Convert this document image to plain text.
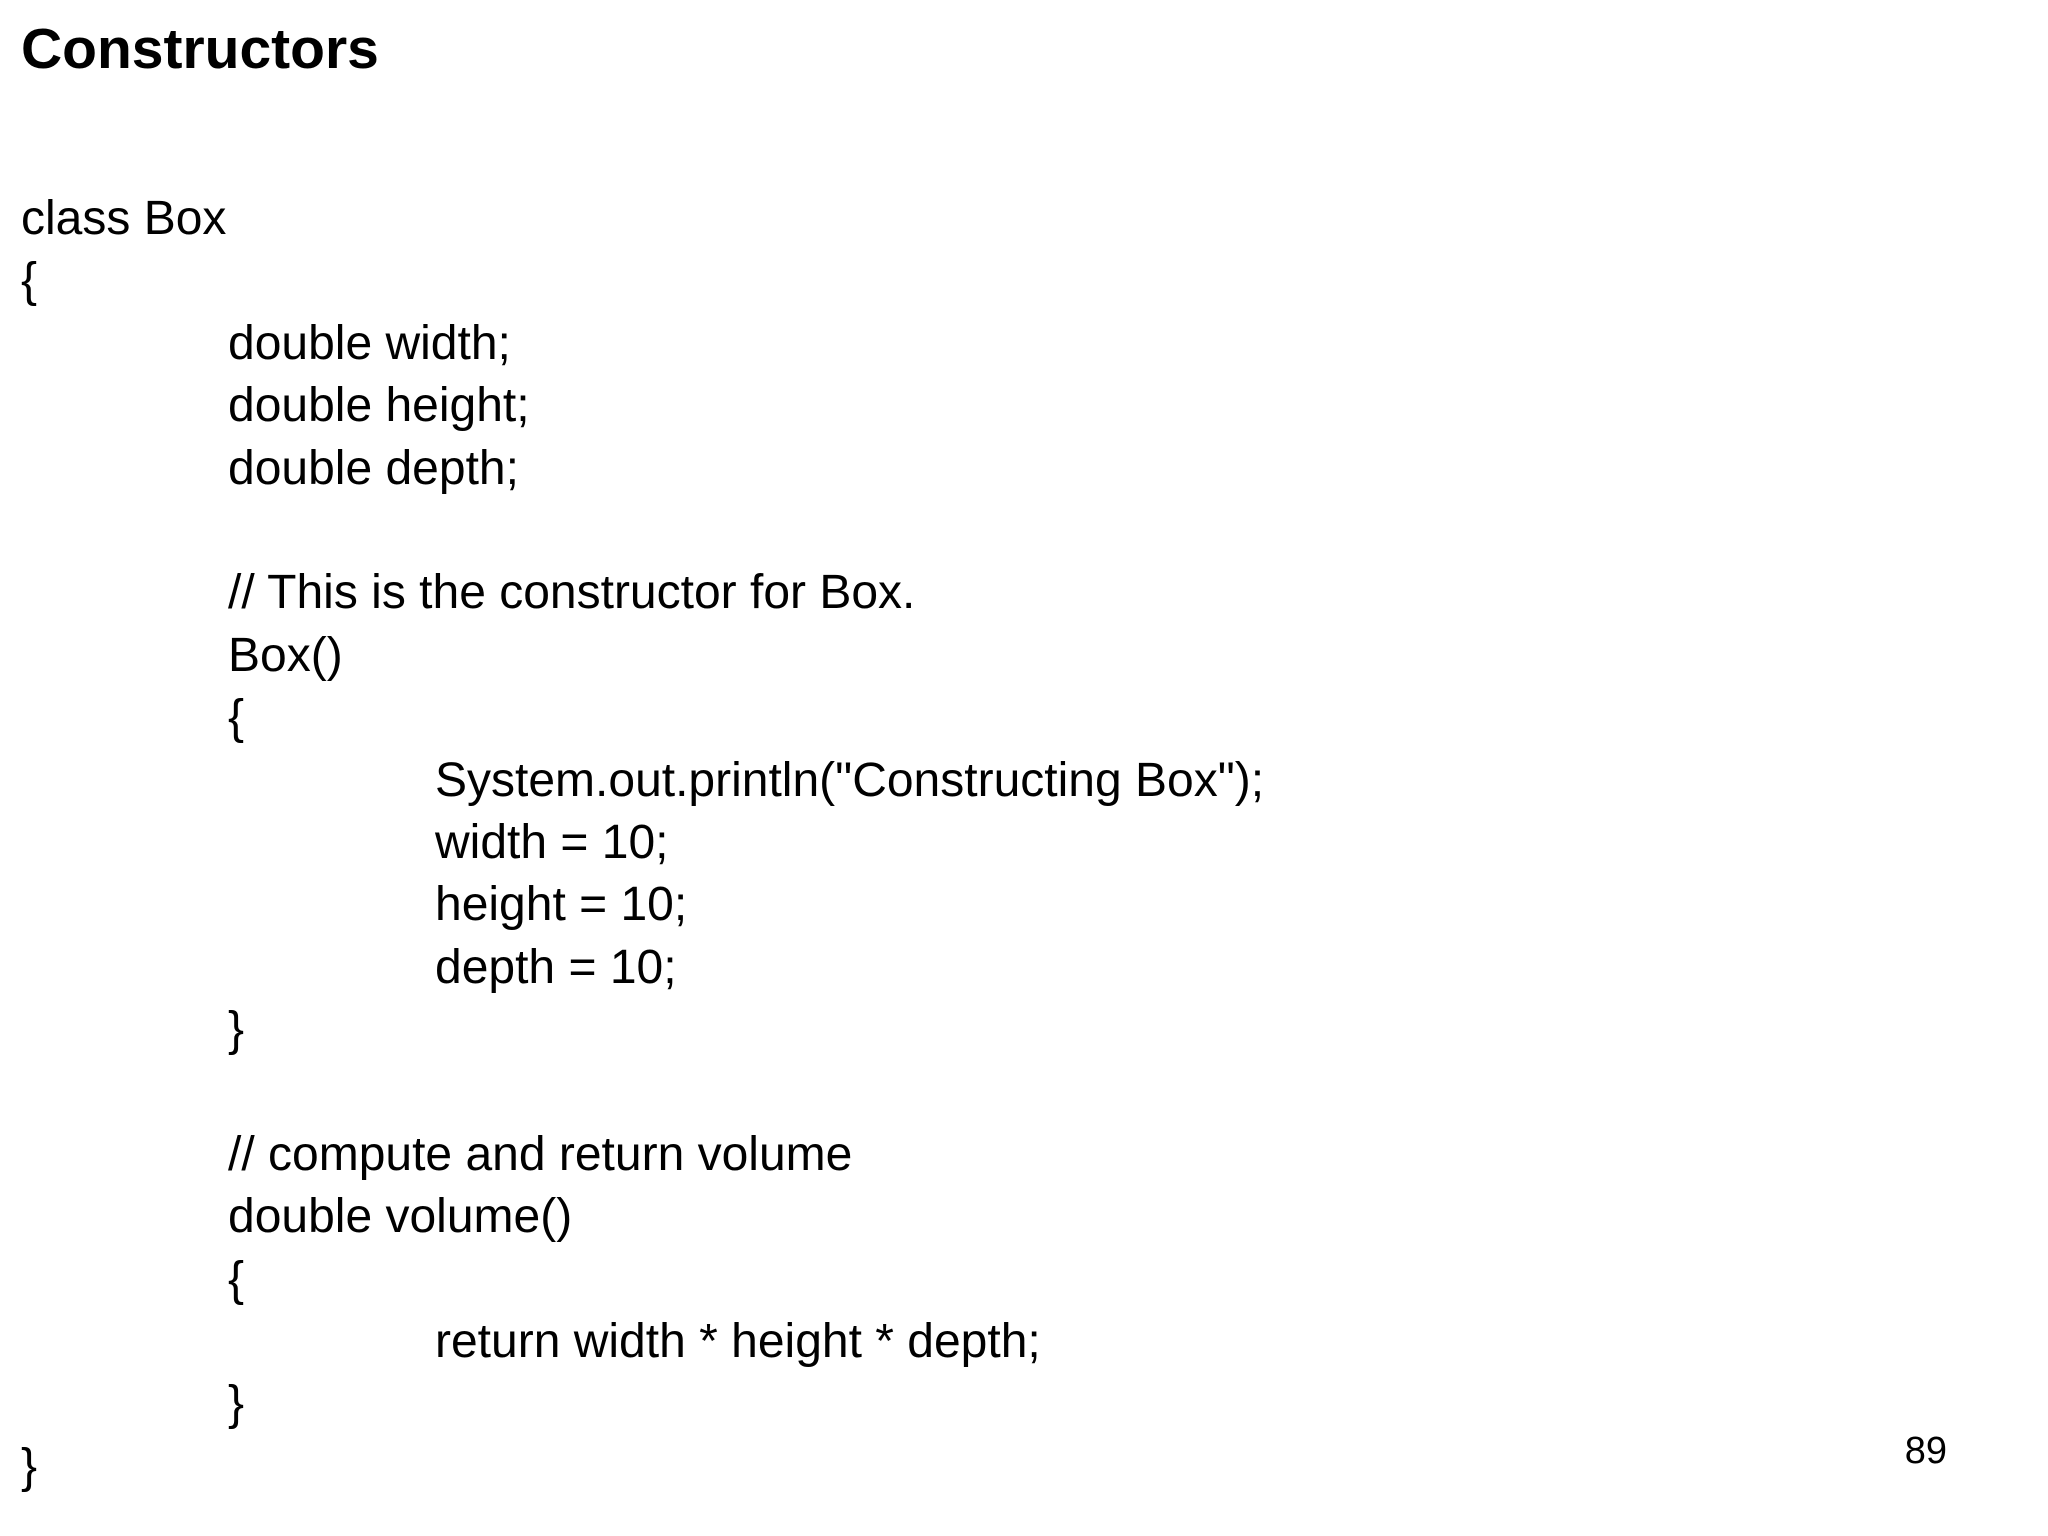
Constructors
class Box
{
double width;
double height;
double depth;
// This is the constructor for Box.
Box()
{
System.out.println("Constructing Box");
width = 10;
height = 10;
depth = 10;
}
// compute and return volume
double volume()
{
return width * height * depth;
}
}	89
